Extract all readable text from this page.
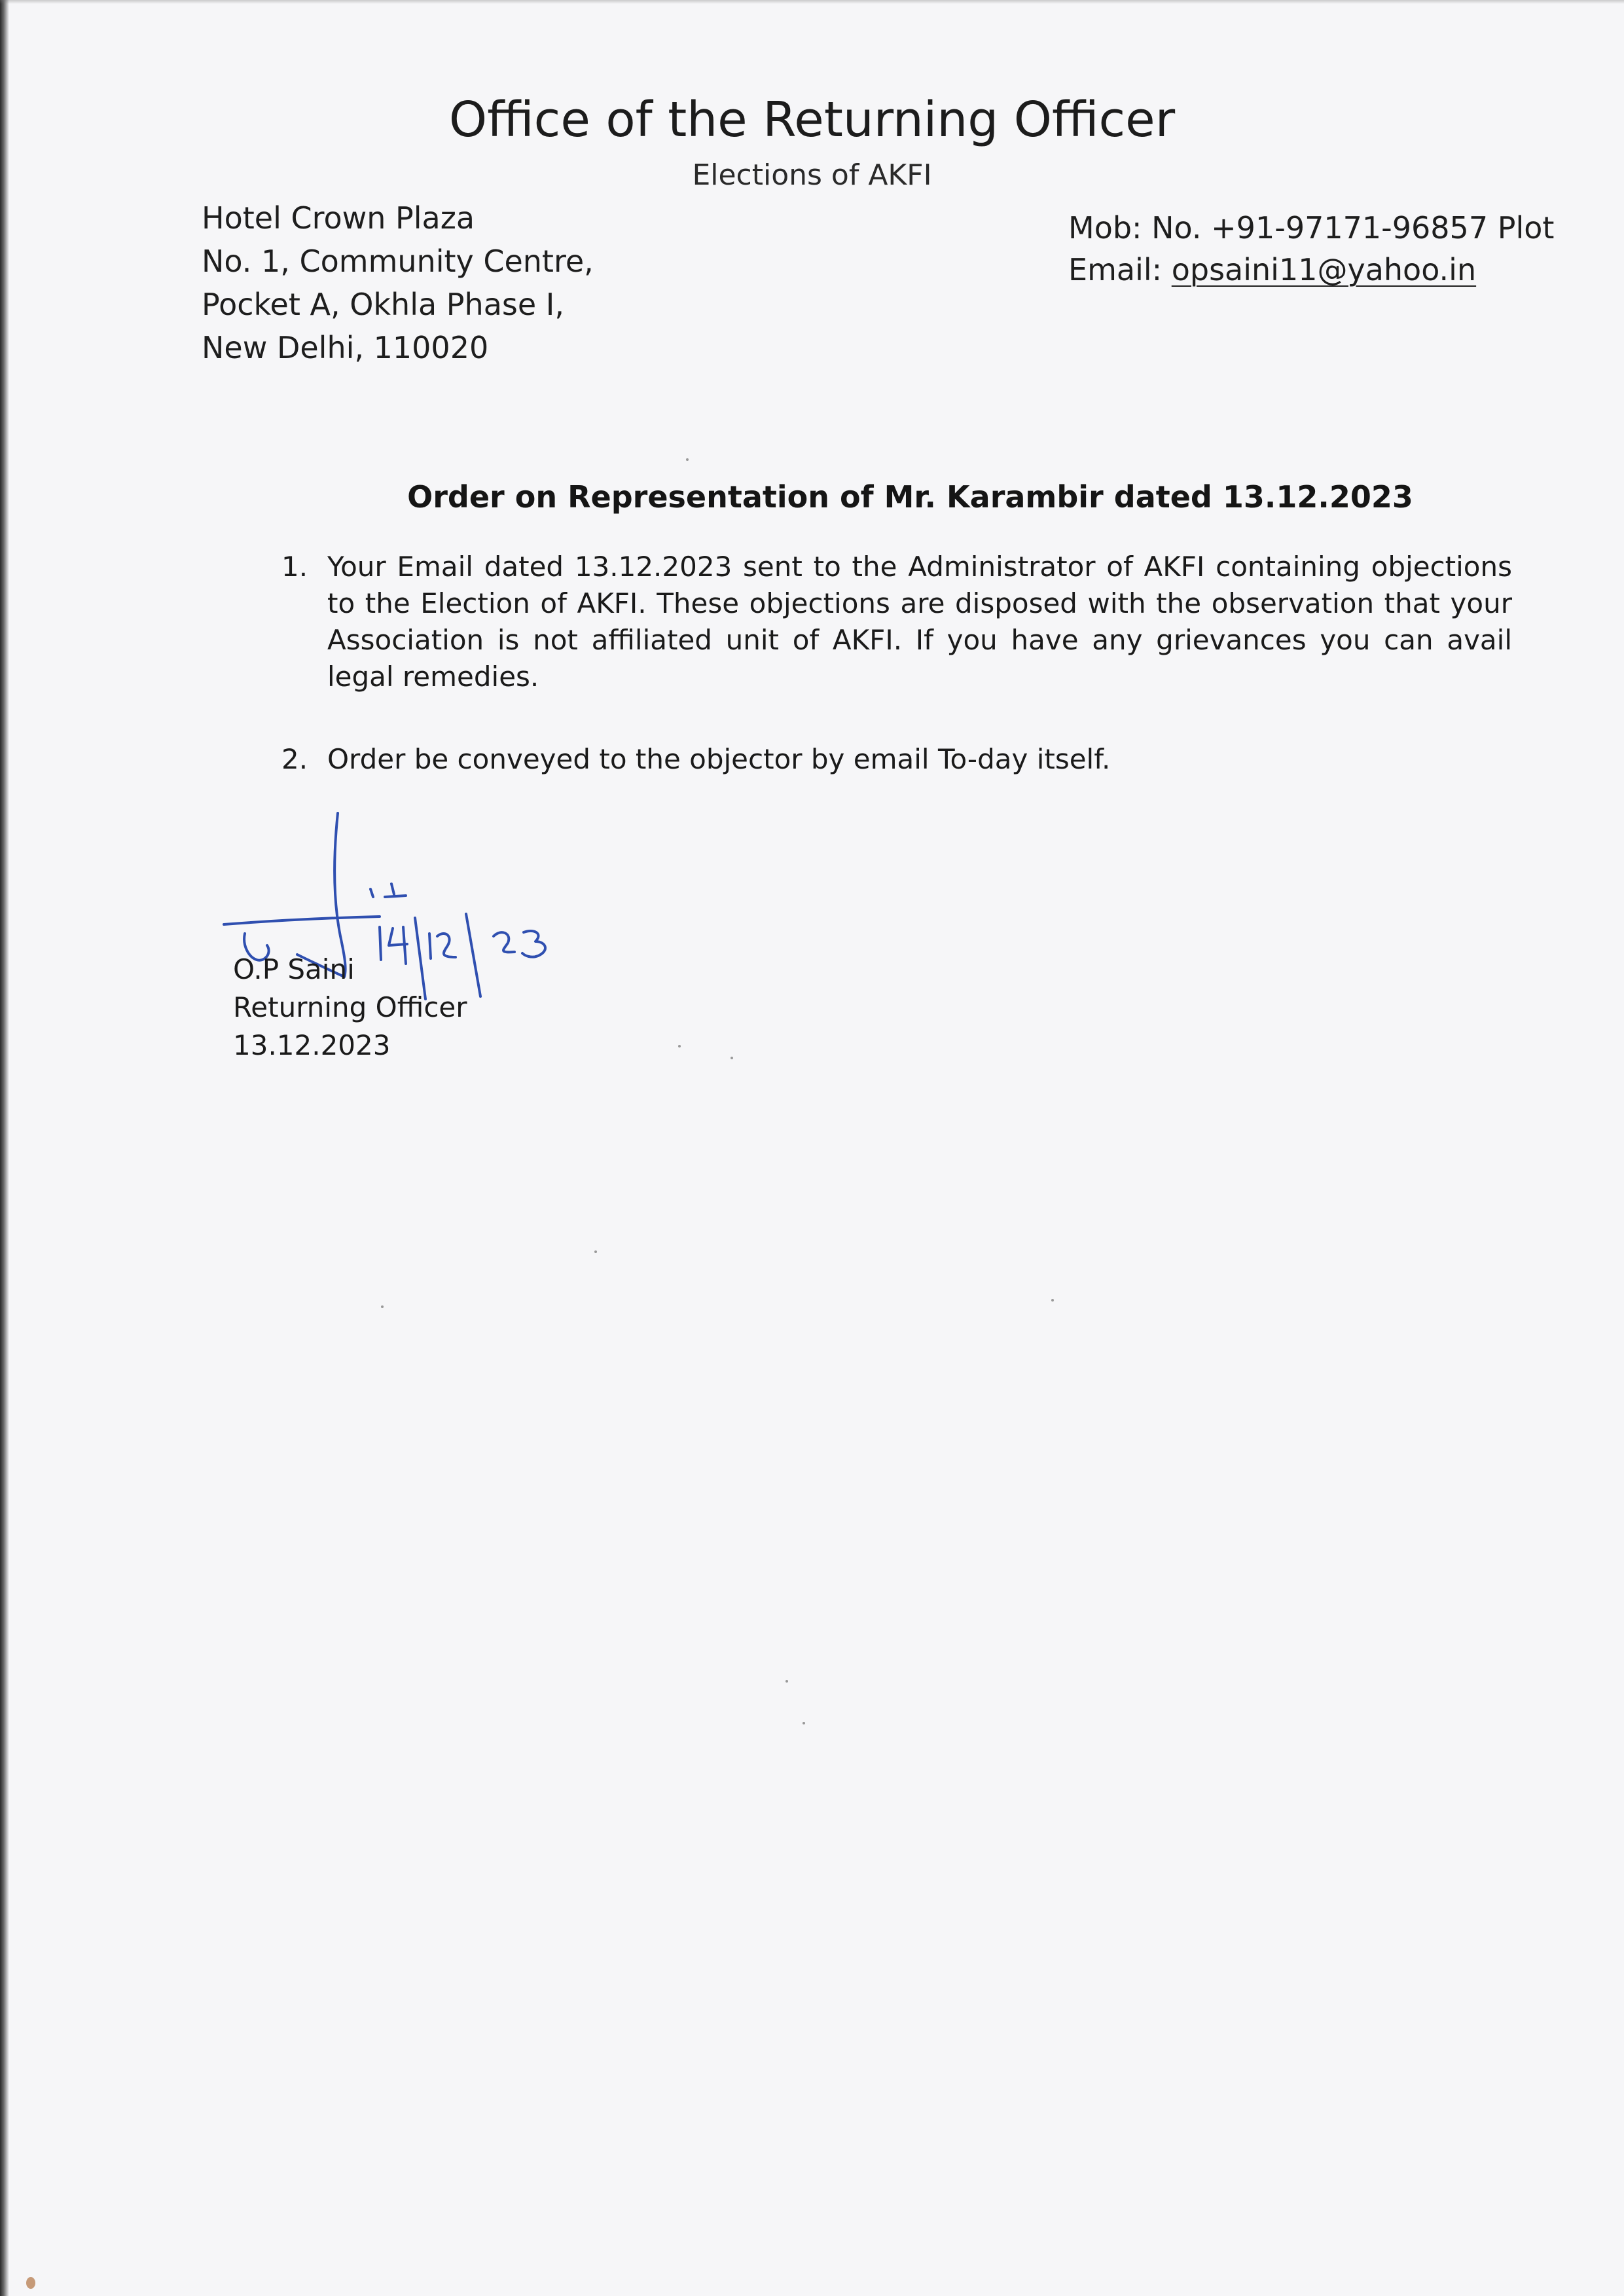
Office of the Returning Officer
Elections of AKFI
Hotel Crown Plaza
No. 1, Community Centre,
Pocket A, Okhla Phase I,
New Delhi, 110020
Mob: No. +91-97171-96857 Plot
Email: opsaini11@yahoo.in
Order on Representation of Mr. Karambir dated 13.12.2023
1. Your Email dated 13.12.2023 sent to the Administrator of AKFI containing objections to the Election of AKFI. These objections are disposed with the observation that your Association is not affiliated unit of AKFI. If you have any grievances you can avail legal remedies.
2. Order be conveyed to the objector by email To-day itself.
O.P Saini
Returning Officer
13.12.2023
